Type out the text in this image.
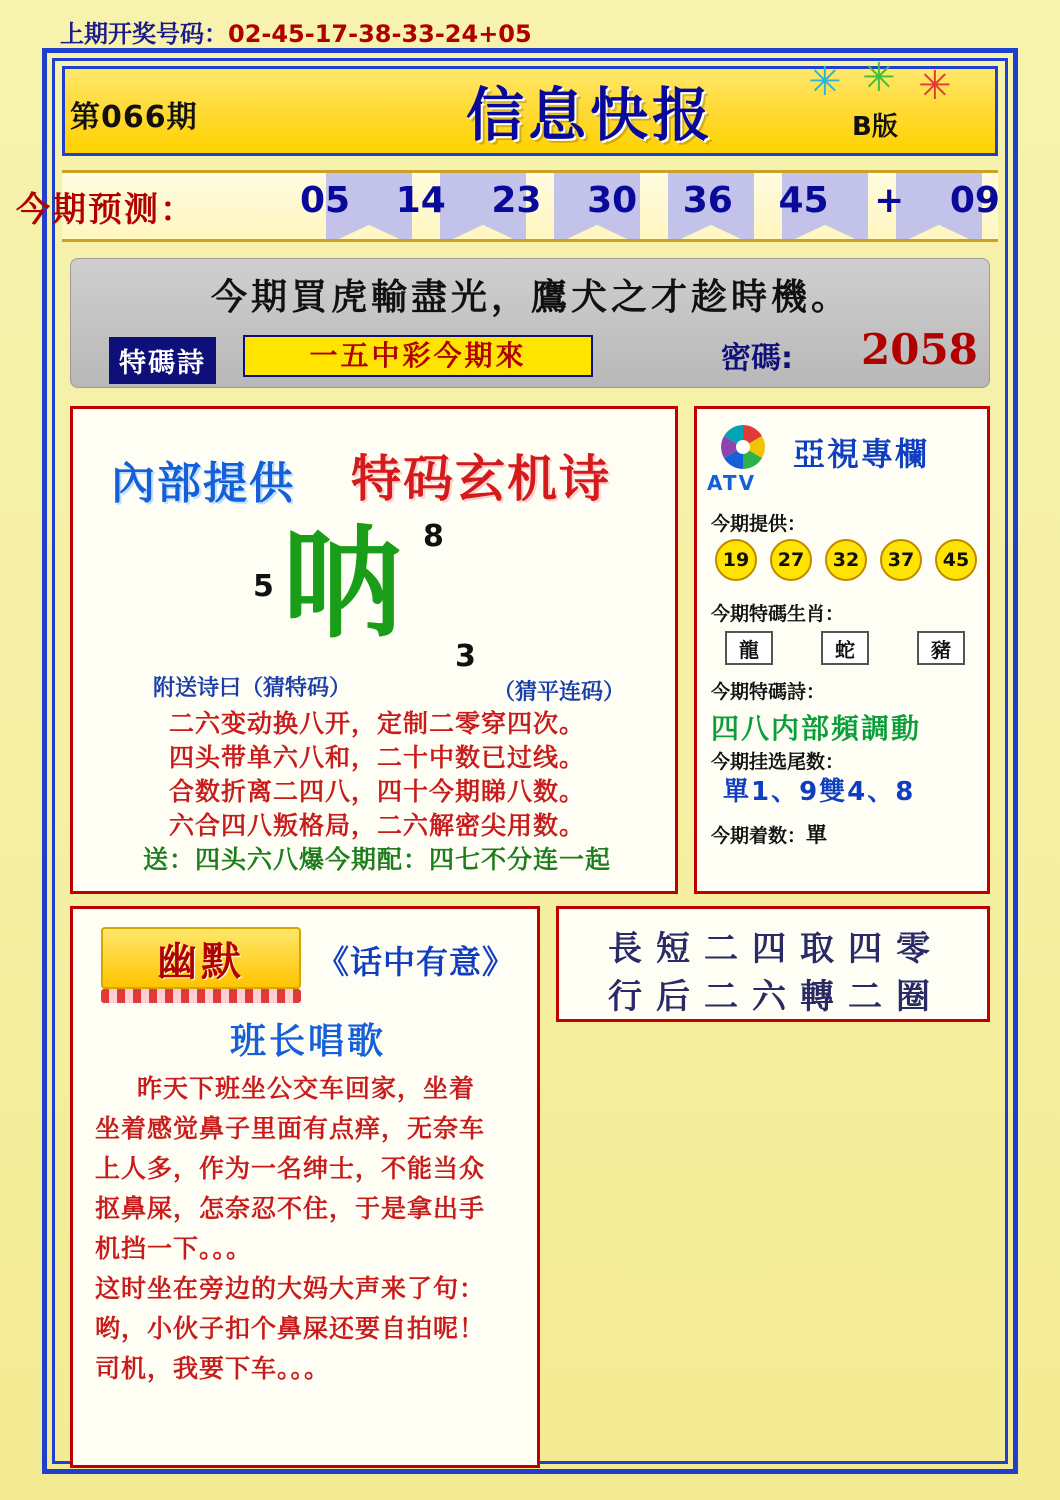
上期开奖号码：02-45-17-38-33-24+05
第066期	信息快报	B版
✳ ✳ ✳
今期预测：	05 14 23 30 36 45 + 09
今期買虎輸盡光，鷹犬之才趁時機。
特碼詩	一五中彩今期來	密碼: 2058
內部提供 特码玄机诗
呐 8
5
3
附送诗曰（猜特码）	（猜平连码）
二六变动换八开，定制二零穿四次。
四头带单六八和，二十中数已过线。
合数折离二四八，四十今期睇八数。
六合四八叛格局，二六解密尖用数。
送：四头六八爆今期配：四七不分连一起
ATV
亞視專欄
今期提供：
19	27	32	37	45
今期特碼生肖：
龍	蛇	豬
今期特碼詩：
四八内部頻調動
今期挂选尾数：
單1、9雙4、8
今期着数：單
幽默	《话中有意》
班长唱歌

昨天下班坐公交车回家，坐着

坐着感觉鼻子里面有点痒，无奈车

上人多，作为一名绅士，不能当众

抠鼻屎，怎奈忍不住，于是拿出手

机挡一下。。。

这时坐在旁边的大妈大声来了句：

哟，小伙子扣个鼻屎还要自拍呢！

司机，我要下车。。。

長短二四取四零
行后二六轉二圈
